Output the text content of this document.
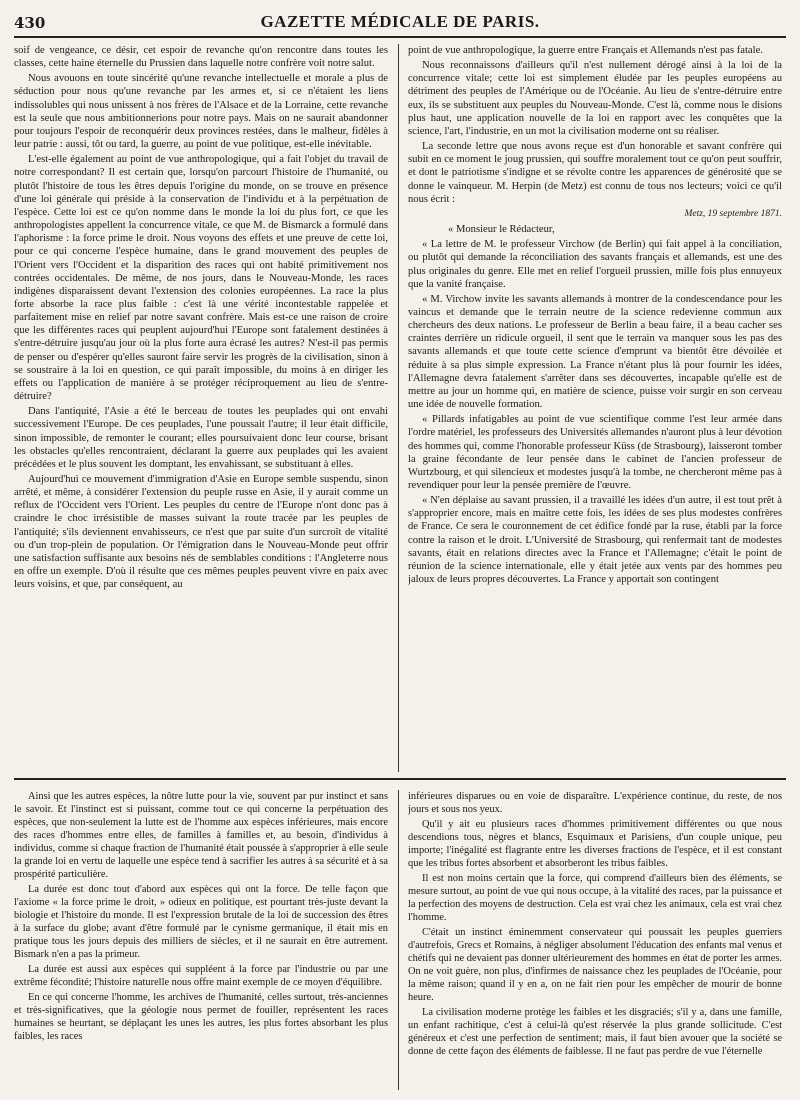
430	GAZETTE MÉDICALE DE PARIS.

soif de vengeance, ce désir, cet espoir de revanche qu'on rencontre dans toutes les classes, cette haine éternelle du Prussien dans laquelle notre confrère voit notre salut.

Nous avouons en toute sincérité qu'une revanche intellectuelle et morale a plus de séduction pour nous qu'une revanche par les armes et, si ce n'étaient les liens indissolubles qui nous unissent à nos frères de l'Alsace et de la Lorraine, cette revanche est la seule que nous ambitionnerions pour notre pays. Mais on ne saurait abandonner pour toujours l'espoir de reconquérir deux provinces restées, dans le malheur, fidèles à leur patrie : aussi, tôt ou tard, la guerre, au point de vue politique, est-elle inévitable.

L'est-elle également au point de vue anthropologique, qui a fait l'objet du travail de notre correspondant? Il est certain que, lorsqu'on parcourt l'histoire de l'humanité, ou plutôt l'histoire de tous les êtres depuis l'origine du monde, on se trouve en présence d'une loi générale qui préside à la conservation de l'individu et à la perpétuation de l'espèce. Cette loi est ce qu'on nomme dans le monde la loi du plus fort, ce que les anthropologistes appellent la concurrence vitale, ce que M. de Bismarck a formulé dans l'aphorisme : la force prime le droit. Nous voyons des effets et une preuve de cette loi, pour ce qui concerne l'espèce humaine, dans le grand mouvement des peuples de l'Orient vers l'Occident et la disparition des races qui ont habité primitivement nos contrées occidentales. De même, de nos jours, dans le Nouveau-Monde, les races indigènes disparaissent devant l'extension des colonies européennes. La race la plus forte absorbe la race plus faible : c'est là une vérité incontestable rappelée et parfaitement mise en relief par notre savant confrère. Mais est-ce une raison de croire que les différentes races qui peuplent aujourd'hui l'Europe sont fatalement destinées à s'entre-détruire jusqu'au jour où la plus forte aura écrasé les autres? N'est-il pas permis de penser ou d'espérer qu'elles sauront faire servir les progrès de la civilisation, sinon à se soustraire à la loi en question, ce qui paraît impossible, du moins à en diriger les effets ou l'application de manière à se protéger réciproquement au lieu de s'entre-détruire?

Dans l'antiquité, l'Asie a été le berceau de toutes les peuplades qui ont envahi successivement l'Europe. De ces peuplades, l'une poussait l'autre; il leur était difficile, sinon impossible, de remonter le courant; elles poursuivaient donc leur course, brisant les obstacles qu'elles rencontraient, déclarant la guerre aux peuplades qui les avaient précédées et le plus souvent les domptant, les envahissant, se substituant à elles.

Aujourd'hui ce mouvement d'immigration d'Asie en Europe semble suspendu, sinon arrêté, et même, à considérer l'extension du peuple russe en Asie, il y aurait comme un reflux de l'Occident vers l'Orient. Les peuples du centre de l'Europe n'ont donc pas à craindre le choc irrésistible de masses suivant la route tracée par les peuples de l'antiquité; s'ils deviennent envahisseurs, ce n'est que par suite d'un surcroît de vitalité ou d'un trop-plein de population. Or l'émigration dans le Nouveau-Monde peut offrir une satisfaction suffisante aux besoins nés de semblables conditions : l'Angleterre nous en offre un exemple. D'où il résulte que ces mêmes peuples peuvent vivre en paix avec leurs voisins, et que, par conséquent, au

point de vue anthropologique, la guerre entre Français et Allemands n'est pas fatale.

Nous reconnaissons d'ailleurs qu'il n'est nullement dérogé ainsi à la loi de la concurrence vitale; cette loi est simplement éludée par les peuples européens au détriment des peuples de l'Amérique ou de l'Océanie. Au lieu de s'entre-détruire entre eux, ils se substituent aux peuples du Nouveau-Monde. C'est là, comme nous le disions plus haut, une application nouvelle de la loi en rapport avec les conquêtes que la science, l'art, l'industrie, en un mot la civilisation moderne ont su réaliser.

La seconde lettre que nous avons reçue est d'un honorable et savant confrère qui subit en ce moment le joug prussien, qui souffre moralement tout ce qu'on peut souffrir, et dont le patriotisme s'indigne et se révolte contre les apparences de générosité que se donne le vainqueur. M. Herpin (de Metz) est connu de tous nos lecteurs; voici ce qu'il nous écrit :

Metz, 19 septembre 1871.

« Monsieur le Rédacteur,

« La lettre de M. le professeur Virchow (de Berlin) qui fait appel à la conciliation, ou plutôt qui demande la réconciliation des savants français et allemands, est une des plus originales du genre. Elle met en relief l'orgueil prussien, mille fois plus ennuyeux que la vanité française.

« M. Virchow invite les savants allemands à montrer de la condescendance pour les vaincus et demande que le terrain neutre de la science redevienne commun aux chercheurs des deux nations. Le professeur de Berlin a beau faire, il a beau cacher ses craintes derrière un ridicule orgueil, il sent que le terrain va manquer sous les pas des savants allemands et que toute cette science d'emprunt va bientôt être dévoilée et réduite à sa plus simple expression. La France n'étant plus là pour fournir les idées, l'Allemagne devra fatalement s'arrêter dans ses découvertes, incapable qu'elle est de mettre au jour un homme qui, en matière de science, puisse voir surgir en son cerveau une idée de nouvelle formation.

« Pillards infatigables au point de vue scientifique comme l'est leur armée dans l'ordre matériel, les professeurs des Universités allemandes n'auront plus à leur dévotion des hommes qui, comme l'honorable professeur Küss (de Strasbourg), laisseront tomber la graine fécondante de leur pensée dans le cabinet de l'ancien professeur de Wurtzbourg, et qui silencieux et modestes jusqu'à la tombe, ne chercheront même pas à revendiquer pour leur la pensée première de l'œuvre.

« N'en déplaise au savant prussien, il a travaillé les idées d'un autre, il est tout prêt à s'approprier encore, mais en maître cette fois, les idées de ses plus modestes confrères de France. Ce sera le couronnement de cet édifice fondé par la ruse, établi par la force contre la raison et le droit. L'Université de Strasbourg, qui renfermait tant de modestes savants, était en relations directes avec la France et l'Allemagne; c'était le point de réunion de la science internationale, elle y était jetée aux vents par des hommes peu jaloux de leurs propres découvertes. La France y apportait son contingent

Ainsi que les autres espèces, la nôtre lutte pour la vie, souvent par pur instinct et sans le savoir. Et l'instinct est si puissant, comme tout ce qui concerne la perpétuation des espèces, que non-seulement la lutte est de l'homme aux espèces inférieures, mais encore des races d'hommes entre elles, de familles à familles et, au besoin, d'individus à individus, comme si chaque fraction de l'humanité était poussée à s'approprier à elle seule la grande loi en vertu de laquelle une espèce tend à sacrifier les autres à sa sécurité et à sa prospérité particulière.

La durée est donc tout d'abord aux espèces qui ont la force. De telle façon que l'axiome « la force prime le droit, » odieux en politique, est pourtant très-juste devant la biologie et l'histoire du monde. Il est l'expression brutale de la loi de succession des êtres à la surface du globe; avant d'être formulé par le cynisme germanique, il était mis en pratique tous les jours depuis des milliers de siècles, et il ne saurait en être autrement. Bismark n'en a pas la primeur.

La durée est aussi aux espèces qui suppléent à la force par l'industrie ou par une extrême fécondité; l'histoire naturelle nous offre maint exemple de ce moyen d'équilibre.

En ce qui concerne l'homme, les archives de l'humanité, celles surtout, très-anciennes et très-significatives, que la géologie nous permet de fouiller, représentent les races humaines se heurtant, se déplaçant les unes les autres, les plus fortes absorbant les plus faibles, les races

inférieures disparues ou en voie de disparaître. L'expérience continue, du reste, de nos jours et sous nos yeux.

Qu'il y ait eu plusieurs races d'hommes primitivement différentes ou que nous descendions tous, nègres et blancs, Esquimaux et Parisiens, d'un couple unique, peu importe; l'inégalité est flagrante entre les diverses fractions de l'espèce, et il est constant que les tribus fortes absorbent et absorberont les tribus faibles.

Il est non moins certain que la force, qui comprend d'ailleurs bien des éléments, se mesure surtout, au point de vue qui nous occupe, à la vitalité des races, par la puissance et la perfection des moyens de destruction. Cela est vrai chez les animaux, cela est vrai chez l'homme.

C'était un instinct éminemment conservateur qui poussait les peuples guerriers d'autrefois, Grecs et Romains, à négliger absolument l'éducation des enfants mal venus et chétifs qui ne devaient pas donner ultérieurement des hommes en état de porter les armes. On ne voit guère, non plus, d'infirmes de naissance chez les peuplades de l'Océanie, pour la même raison; quand il y en a, on ne fait rien pour les empêcher de mourir de bonne heure.

La civilisation moderne protège les faibles et les disgraciés; s'il y a, dans une famille, un enfant rachitique, c'est à celui-là qu'est réservée la plus grande sollicitude. C'est généreux et c'est une perfection de sentiment; mais, il faut bien avouer que la société se donne de cette façon des éléments de faiblesse. Il ne faut pas perdre de vue l'éternelle
